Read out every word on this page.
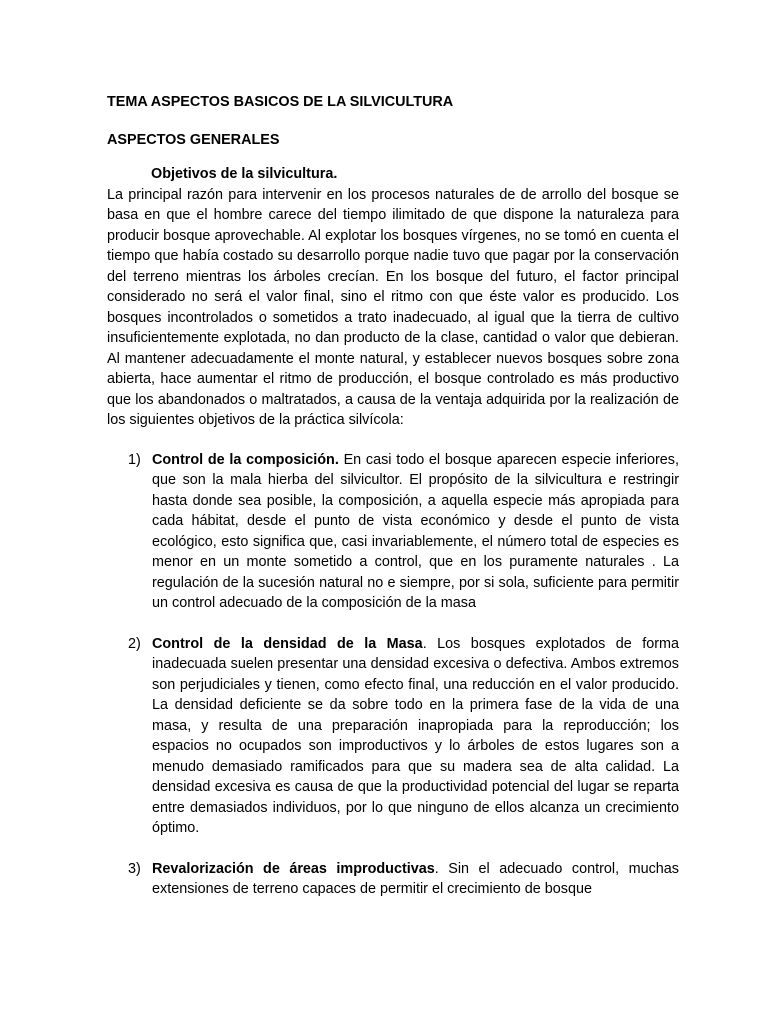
TEMA ASPECTOS BASICOS DE LA SILVICULTURA
ASPECTOS GENERALES
Objetivos de la silvicultura.

La principal razón para intervenir en los procesos naturales de de arrollo del bosque se basa en que el hombre carece del tiempo ilimitado de que dispone la naturaleza para producir bosque aprovechable. Al explotar los bosques vírgenes, no se tomó en cuenta el tiempo que había costado su desarrollo porque nadie tuvo que pagar por la conservación del terreno mientras los árboles crecían. En los bosque del futuro, el factor principal considerado no será el valor final, sino el ritmo con que éste valor es producido. Los bosques incontrolados o sometidos a trato inadecuado, al igual que la tierra de cultivo insuficientemente explotada, no dan producto de la clase, cantidad o valor que debieran. Al mantener adecuadamente el monte natural, y establecer nuevos bosques sobre zona abierta, hace aumentar el ritmo de producción, el bosque controlado es más productivo que los abandonados o maltratados, a causa de la ventaja adquirida por la realización de los siguientes objetivos de la práctica silvícola:

1) Control de la composición. En casi todo el bosque aparecen especie inferiores, que son la mala hierba del silvicultor. El propósito de la silvicultura e restringir hasta donde sea posible, la composición, a aquella especie más apropiada para cada hábitat, desde el punto de vista económico y desde el punto de vista ecológico, esto significa que, casi invariablemente, el número total de especies es menor en un monte sometido a control, que en los puramente naturales . La regulación de la sucesión natural no e siempre, por si sola, suficiente para permitir un control adecuado de la composición de la masa
2) Control de la densidad de la Masa. Los bosques explotados de forma inadecuada suelen presentar una densidad excesiva o defectiva. Ambos extremos son perjudiciales y tienen, como efecto final, una reducción en el valor producido. La densidad deficiente se da sobre todo en la primera fase de la vida de una masa, y resulta de una preparación inapropiada para la reproducción; los espacios no ocupados son improductivos y lo árboles de estos lugares son a menudo demasiado ramificados para que su madera sea de alta calidad. La densidad excesiva es causa de que la productividad potencial del lugar se reparta entre demasiados individuos, por lo que ninguno de ellos alcanza un crecimiento óptimo.
3) Revalorización de áreas improductivas. Sin el adecuado control, muchas extensiones de terreno capaces de permitir el crecimiento de bosque
